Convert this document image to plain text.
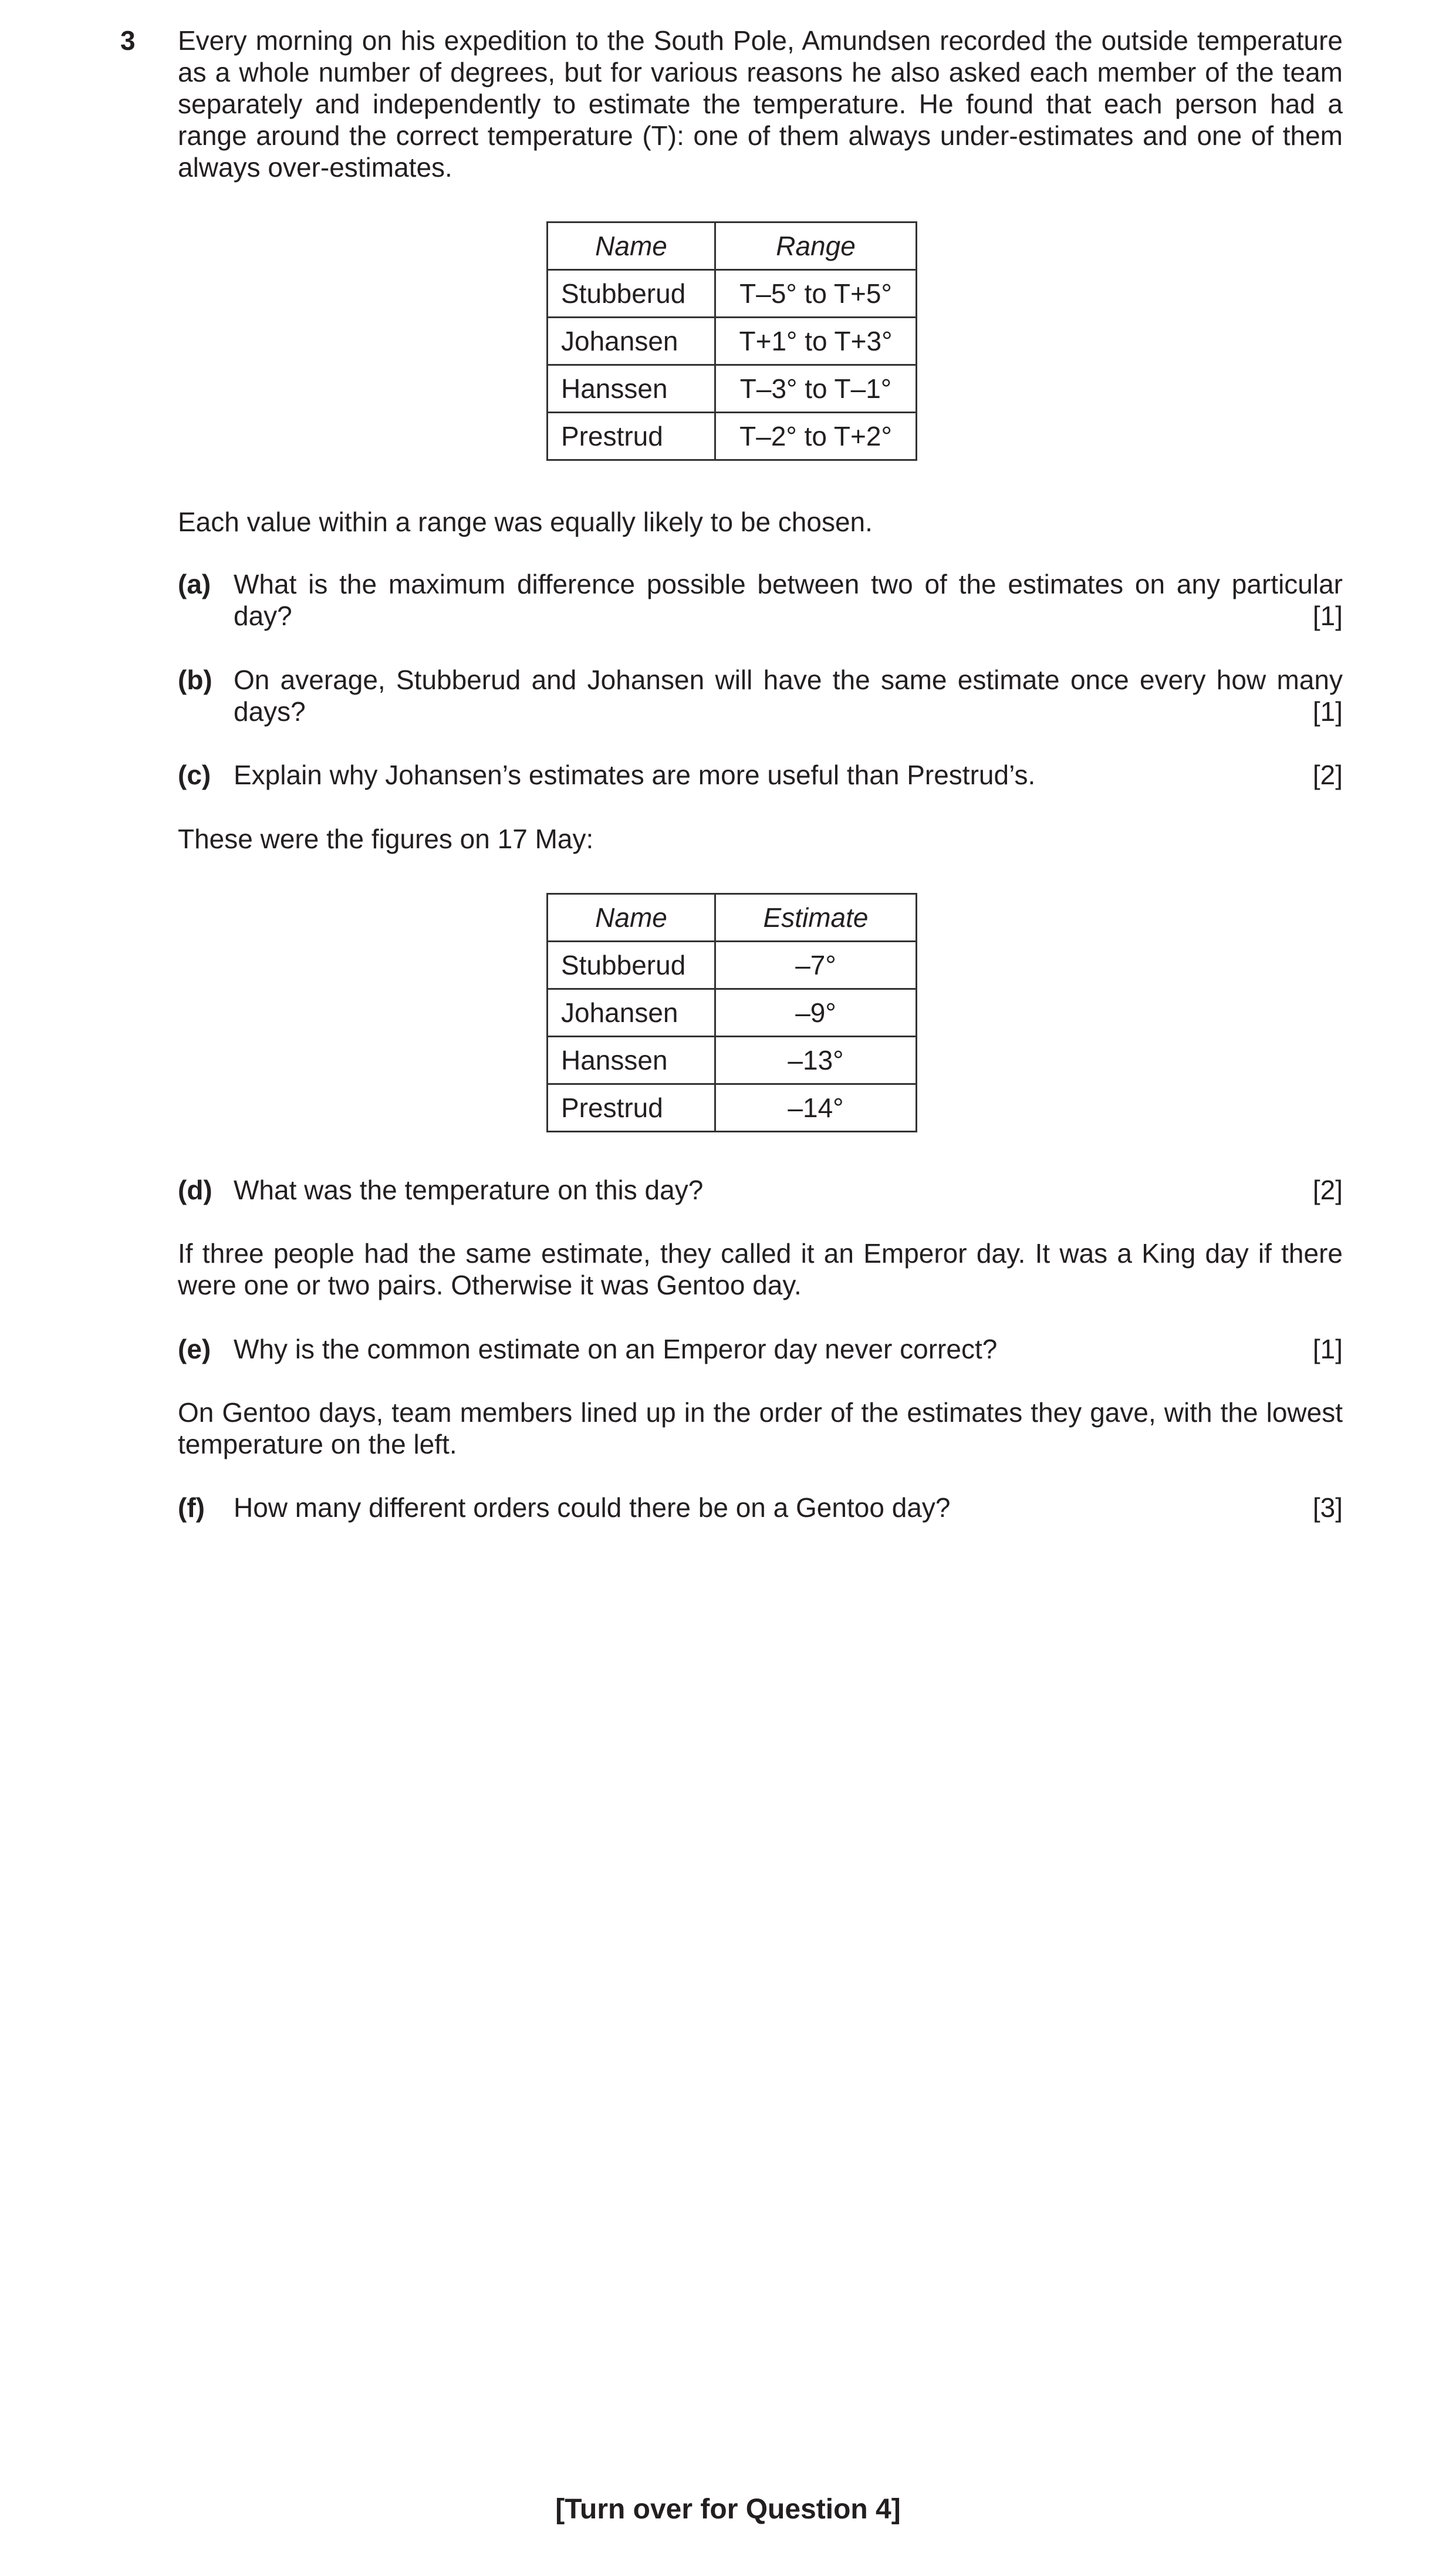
3 Every morning on his expedition to the South Pole, Amundsen recorded the outside temperature as a whole number of degrees, but for various reasons he also asked each member of the team separately and independently to estimate the temperature. He found that each person had a range around the correct temperature (T): one of them always under-estimates and one of them always over-estimates.
Name	Range
Stubberud	T–5° to T+5°
Johansen	T+1° to T+3°
Hanssen	T–3° to T–1°
Prestrud	T–2° to T+2°
Each value within a range was equally likely to be chosen.
(a) What is the maximum difference possible between two of the estimates on any particular
day?	[1]
(b) On average, Stubberud and Johansen will have the same estimate once every how many
days?	[1]
(c) Explain why Johansen’s estimates are more useful than Prestrud’s.	[2]
These were the figures on 17 May:
Name	Estimate
Stubberud	–7°
Johansen	–9°
Hanssen	–13°
Prestrud	–14°
(d) What was the temperature on this day?	[2]
If three people had the same estimate, they called it an Emperor day. It was a King day if there were one or two pairs. Otherwise it was Gentoo day.
(e) Why is the common estimate on an Emperor day never correct?	[1]
On Gentoo days, team members lined up in the order of the estimates they gave, with the lowest temperature on the left.
(f) How many different orders could there be on a Gentoo day?	[3]
[Turn over for Question 4]
